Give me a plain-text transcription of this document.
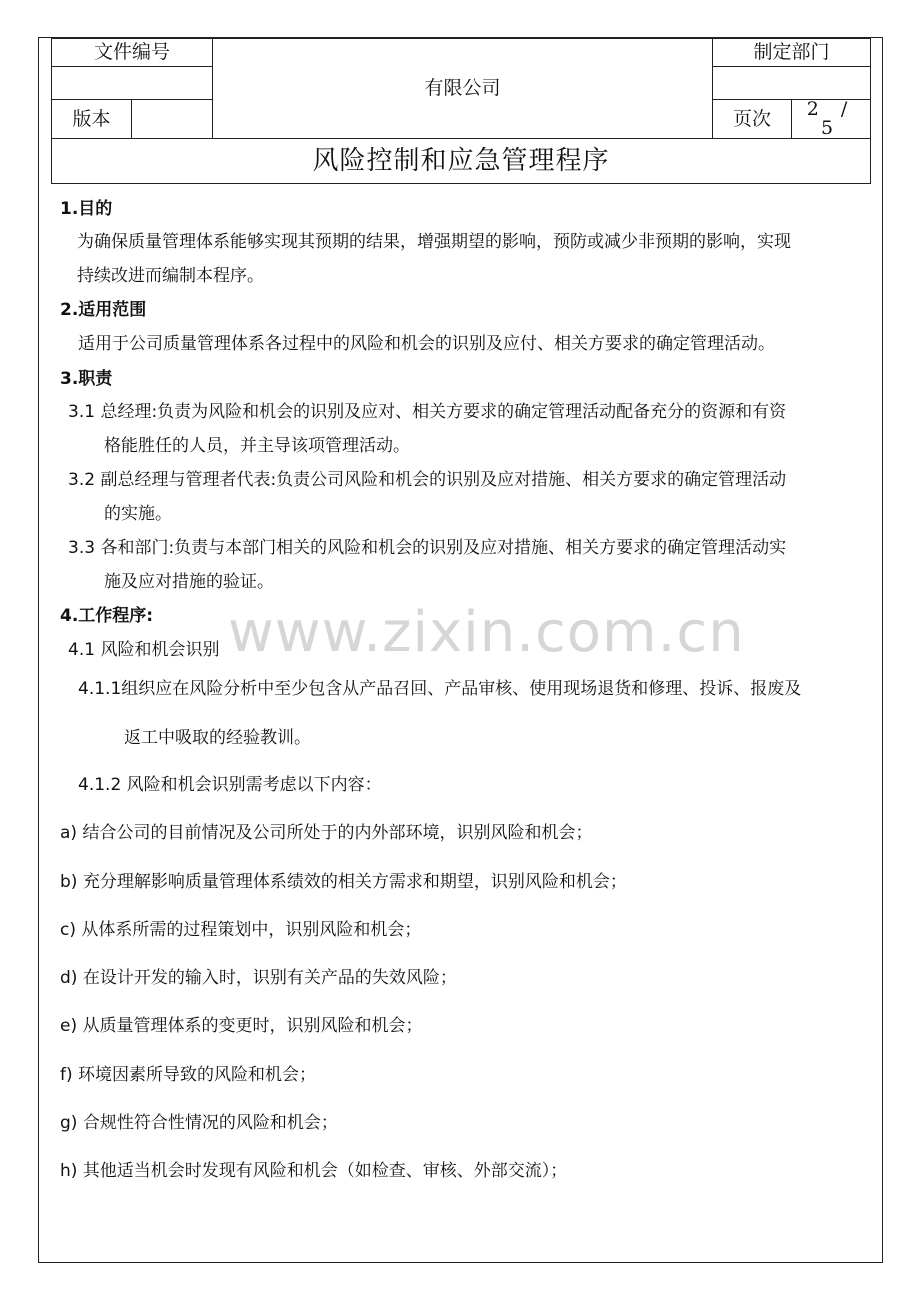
文件编号		有限公司	制定部门	

版本			页次	2 / 5
风险控制和应急管理程序				
www.zixin.com.cn
1.目的
为确保质量管理体系能够实现其预期的结果，增强期望的影响，预防或减少非预期的影响，实现
持续改进而编制本程序。
2.适用范围
适用于公司质量管理体系各过程中的风险和机会的识别及应付、相关方要求的确定管理活动。
3.职责
3.1 总经理:负责为风险和机会的识别及应对、相关方要求的确定管理活动配备充分的资源和有资
格能胜任的人员，并主导该项管理活动。
3.2 副总经理与管理者代表:负责公司风险和机会的识别及应对措施、相关方要求的确定管理活动
的实施。
3.3 各和部门:负责与本部门相关的风险和机会的识别及应对措施、相关方要求的确定管理活动实
施及应对措施的验证。
4.工作程序:
4.1 风险和机会识别
4.1.1组织应在风险分析中至少包含从产品召回、产品审核、使用现场退货和修理、投诉、报废及
返工中吸取的经验教训。
4.1.2 风险和机会识别需考虑以下内容：
a) 结合公司的目前情况及公司所处于的内外部环境，识别风险和机会；
b) 充分理解影响质量管理体系绩效的相关方需求和期望，识别风险和机会；
c) 从体系所需的过程策划中，识别风险和机会；
d) 在设计开发的输入时，识别有关产品的失效风险；
e) 从质量管理体系的变更时，识别风险和机会；
f) 环境因素所导致的风险和机会；
g) 合规性符合性情况的风险和机会；
h) 其他适当机会时发现有风险和机会（如检查、审核、外部交流）；
